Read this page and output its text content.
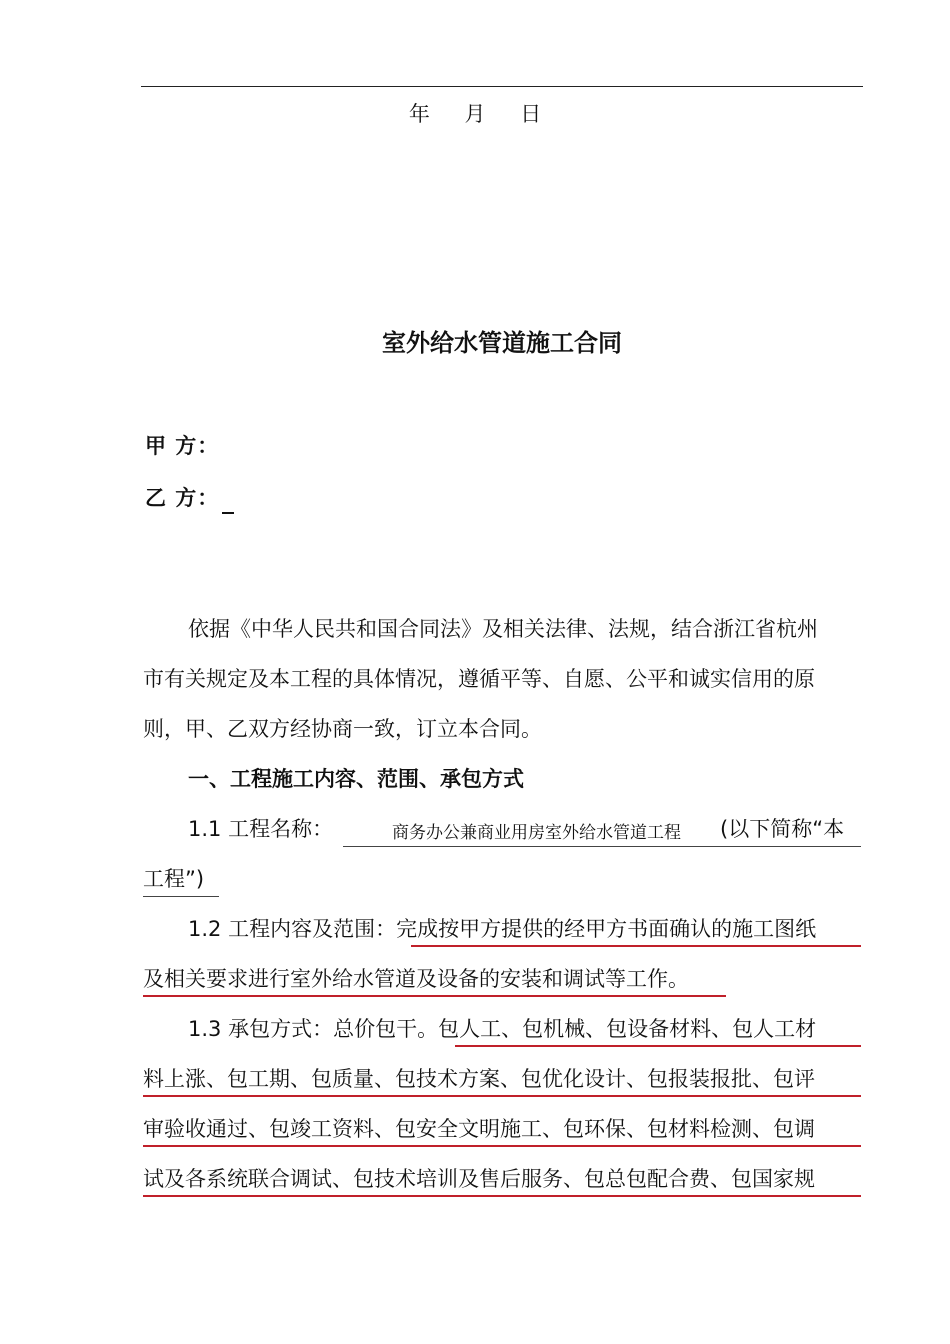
年 月 日
室外给水管道施工合同
甲 方：
乙 方：
依据《中华人民共和国合同法》及相关法律、法规，结合浙江省杭州
市有关规定及本工程的具体情况，遵循平等、自愿、公平和诚实信用的原
则，甲、乙双方经协商一致，订立本合同。
一、工程施工内容、范围、承包方式
1.1 工程名称：	商务办公兼商业用房室外给水管道工程 (以下简称“本
工程”)
1.2 工程内容及范围：完成按甲方提供的经甲方书面确认的施工图纸
及相关要求进行室外给水管道及设备的安装和调试等工作。
1.3 承包方式：总价包干。包人工、包机械、包设备材料、包人工材
料上涨、包工期、包质量、包技术方案、包优化设计、包报装报批、包评
审验收通过、包竣工资料、包安全文明施工、包环保、包材料检测、包调
试及各系统联合调试、包技术培训及售后服务、包总包配合费、包国家规
